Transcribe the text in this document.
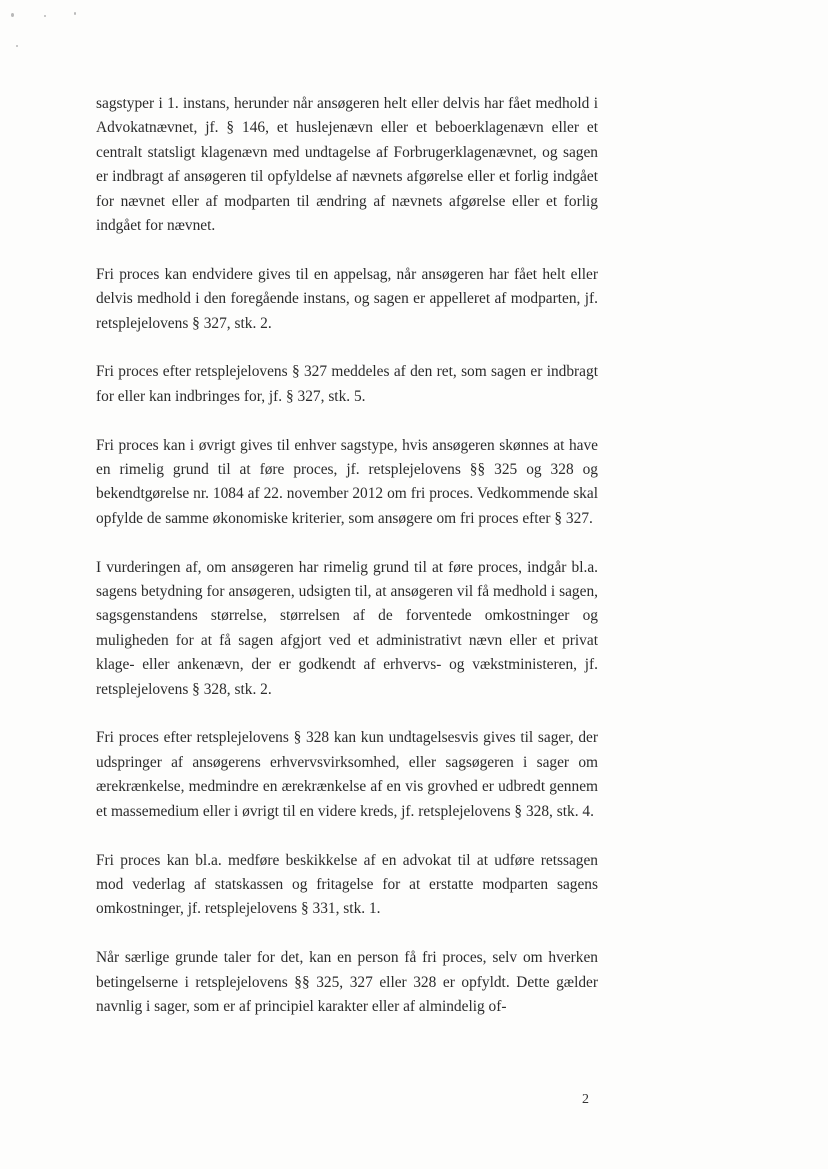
sagstyper i 1. instans, herunder når ansøgeren helt eller delvis har fået medhold i Advokatnævnet, jf. § 146, et huslejenævn eller et beboerklagenævn eller et centralt statsligt klagenævn med undtagelse af Forbrugerklagenævnet, og sagen er indbragt af ansøgeren til opfyldelse af nævnets afgørelse eller et forlig indgået for nævnet eller af modparten til ændring af nævnets afgørelse eller et forlig indgået for nævnet.

Fri proces kan endvidere gives til en appelsag, når ansøgeren har fået helt eller delvis medhold i den foregående instans, og sagen er appelleret af modparten, jf. retsplejelovens § 327, stk. 2.

Fri proces efter retsplejelovens § 327 meddeles af den ret, som sagen er indbragt for eller kan indbringes for, jf. § 327, stk. 5.

Fri proces kan i øvrigt gives til enhver sagstype, hvis ansøgeren skønnes at have en rimelig grund til at føre proces, jf. retsplejelovens §§ 325 og 328 og bekendtgørelse nr. 1084 af 22. november 2012 om fri proces. Vedkommende skal opfylde de samme økonomiske kriterier, som ansøgere om fri proces efter § 327.

I vurderingen af, om ansøgeren har rimelig grund til at føre proces, indgår bl.a. sagens betydning for ansøgeren, udsigten til, at ansøgeren vil få medhold i sagen, sagsgenstandens størrelse, størrelsen af de forventede omkostninger og muligheden for at få sagen afgjort ved et administrativt nævn eller et privat klage- eller ankenævn, der er godkendt af erhvervs- og vækstministeren, jf. retsplejelovens § 328, stk. 2.

Fri proces efter retsplejelovens § 328 kan kun undtagelsesvis gives til sager, der udspringer af ansøgerens erhvervsvirksomhed, eller sagsøgeren i sager om ærekrænkelse, medmindre en ærekrænkelse af en vis grovhed er udbredt gennem et massemedium eller i øvrigt til en videre kreds, jf. retsplejelovens § 328, stk. 4.

Fri proces kan bl.a. medføre beskikkelse af en advokat til at udføre retssagen mod vederlag af statskassen og fritagelse for at erstatte modparten sagens omkostninger, jf. retsplejelovens § 331, stk. 1.

Når særlige grunde taler for det, kan en person få fri proces, selv om hverken betingelserne i retsplejelovens §§ 325, 327 eller 328 er opfyldt. Dette gælder navnlig i sager, som er af principiel karakter eller af almindelig of-

2
